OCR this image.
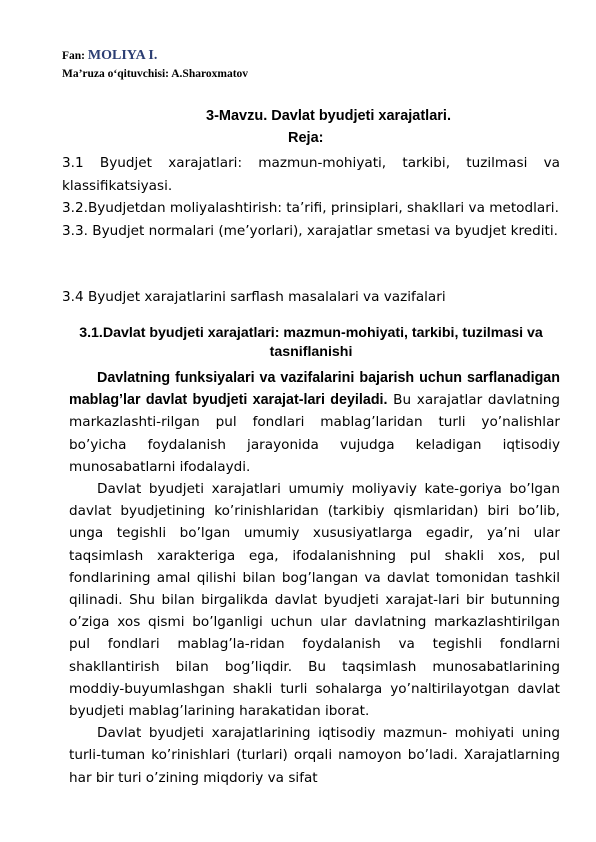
Fan: MOLIYA I.
Ma’ruza o‘qituvchisi: A.Sharoxmatov
3-Mavzu. Davlat byudjeti xarajatlari.
Reja:

3.1 Byudjet xarajatlari: mazmun-mohiyati, tarkibi, tuzilmasi va klassifikatsiyasi.

3.2.Byudjetdan moliyalashtirish: ta’rifi, prinsiplari, shakllari va metodlari.

3.3. Byudjet normalari (me’yorlari), xarajatlar smetasi va byudjet krediti.

3.4 Byudjet xarajatlarini sarflash masalalari va vazifalari
3.1.Davlat byudjeti xarajatlari: mazmun-mohiyati, tarkibi, tuzilmasi va tasniflanishi

Davlatning funksiyalari va vazifalarini bajarish uchun sarflanadigan mablag’lar davlat byudjeti xarajat-lari deyiladi. Bu xarajatlar davlatning markazlashti-rilgan pul fondlari mablag’laridan turli yo’nalishlar bo’yicha foydalanish jarayonida vujudga keladigan iqtisodiy munosabatlarni ifodalaydi.

Davlat byudjeti xarajatlari umumiy moliyaviy kate-goriya bo’lgan davlat byudjetining ko’rinishlaridan (tarkibiy qismlaridan) biri bo’lib, unga tegishli bo’lgan umumiy xususiyatlarga egadir, ya’ni ular taqsimlash xarakteriga ega, ifodalanishning pul shakli xos, pul fondlarining amal qilishi bilan bog’langan va davlat tomonidan tashkil qilinadi. Shu bilan birgalikda davlat byudjeti xarajat-lari bir butunning o’ziga xos qismi bo’lganligi uchun ular davlatning markazlashtirilgan pul fondlari mablag’la-ridan foydalanish va tegishli fondlarni shakllantirish bilan bog’liqdir. Bu taqsimlash munosabatlarining moddiy-buyumlashgan shakli turli sohalarga yo’naltirilayotgan davlat byudjeti mablag’larining harakatidan iborat.

Davlat byudjeti xarajatlarining iqtisodiy mazmun- mohiyati uning turli-tuman ko’rinishlari (turlari) orqali namoyon bo’ladi. Xarajatlarning har bir turi o’zining miqdoriy va sifat
